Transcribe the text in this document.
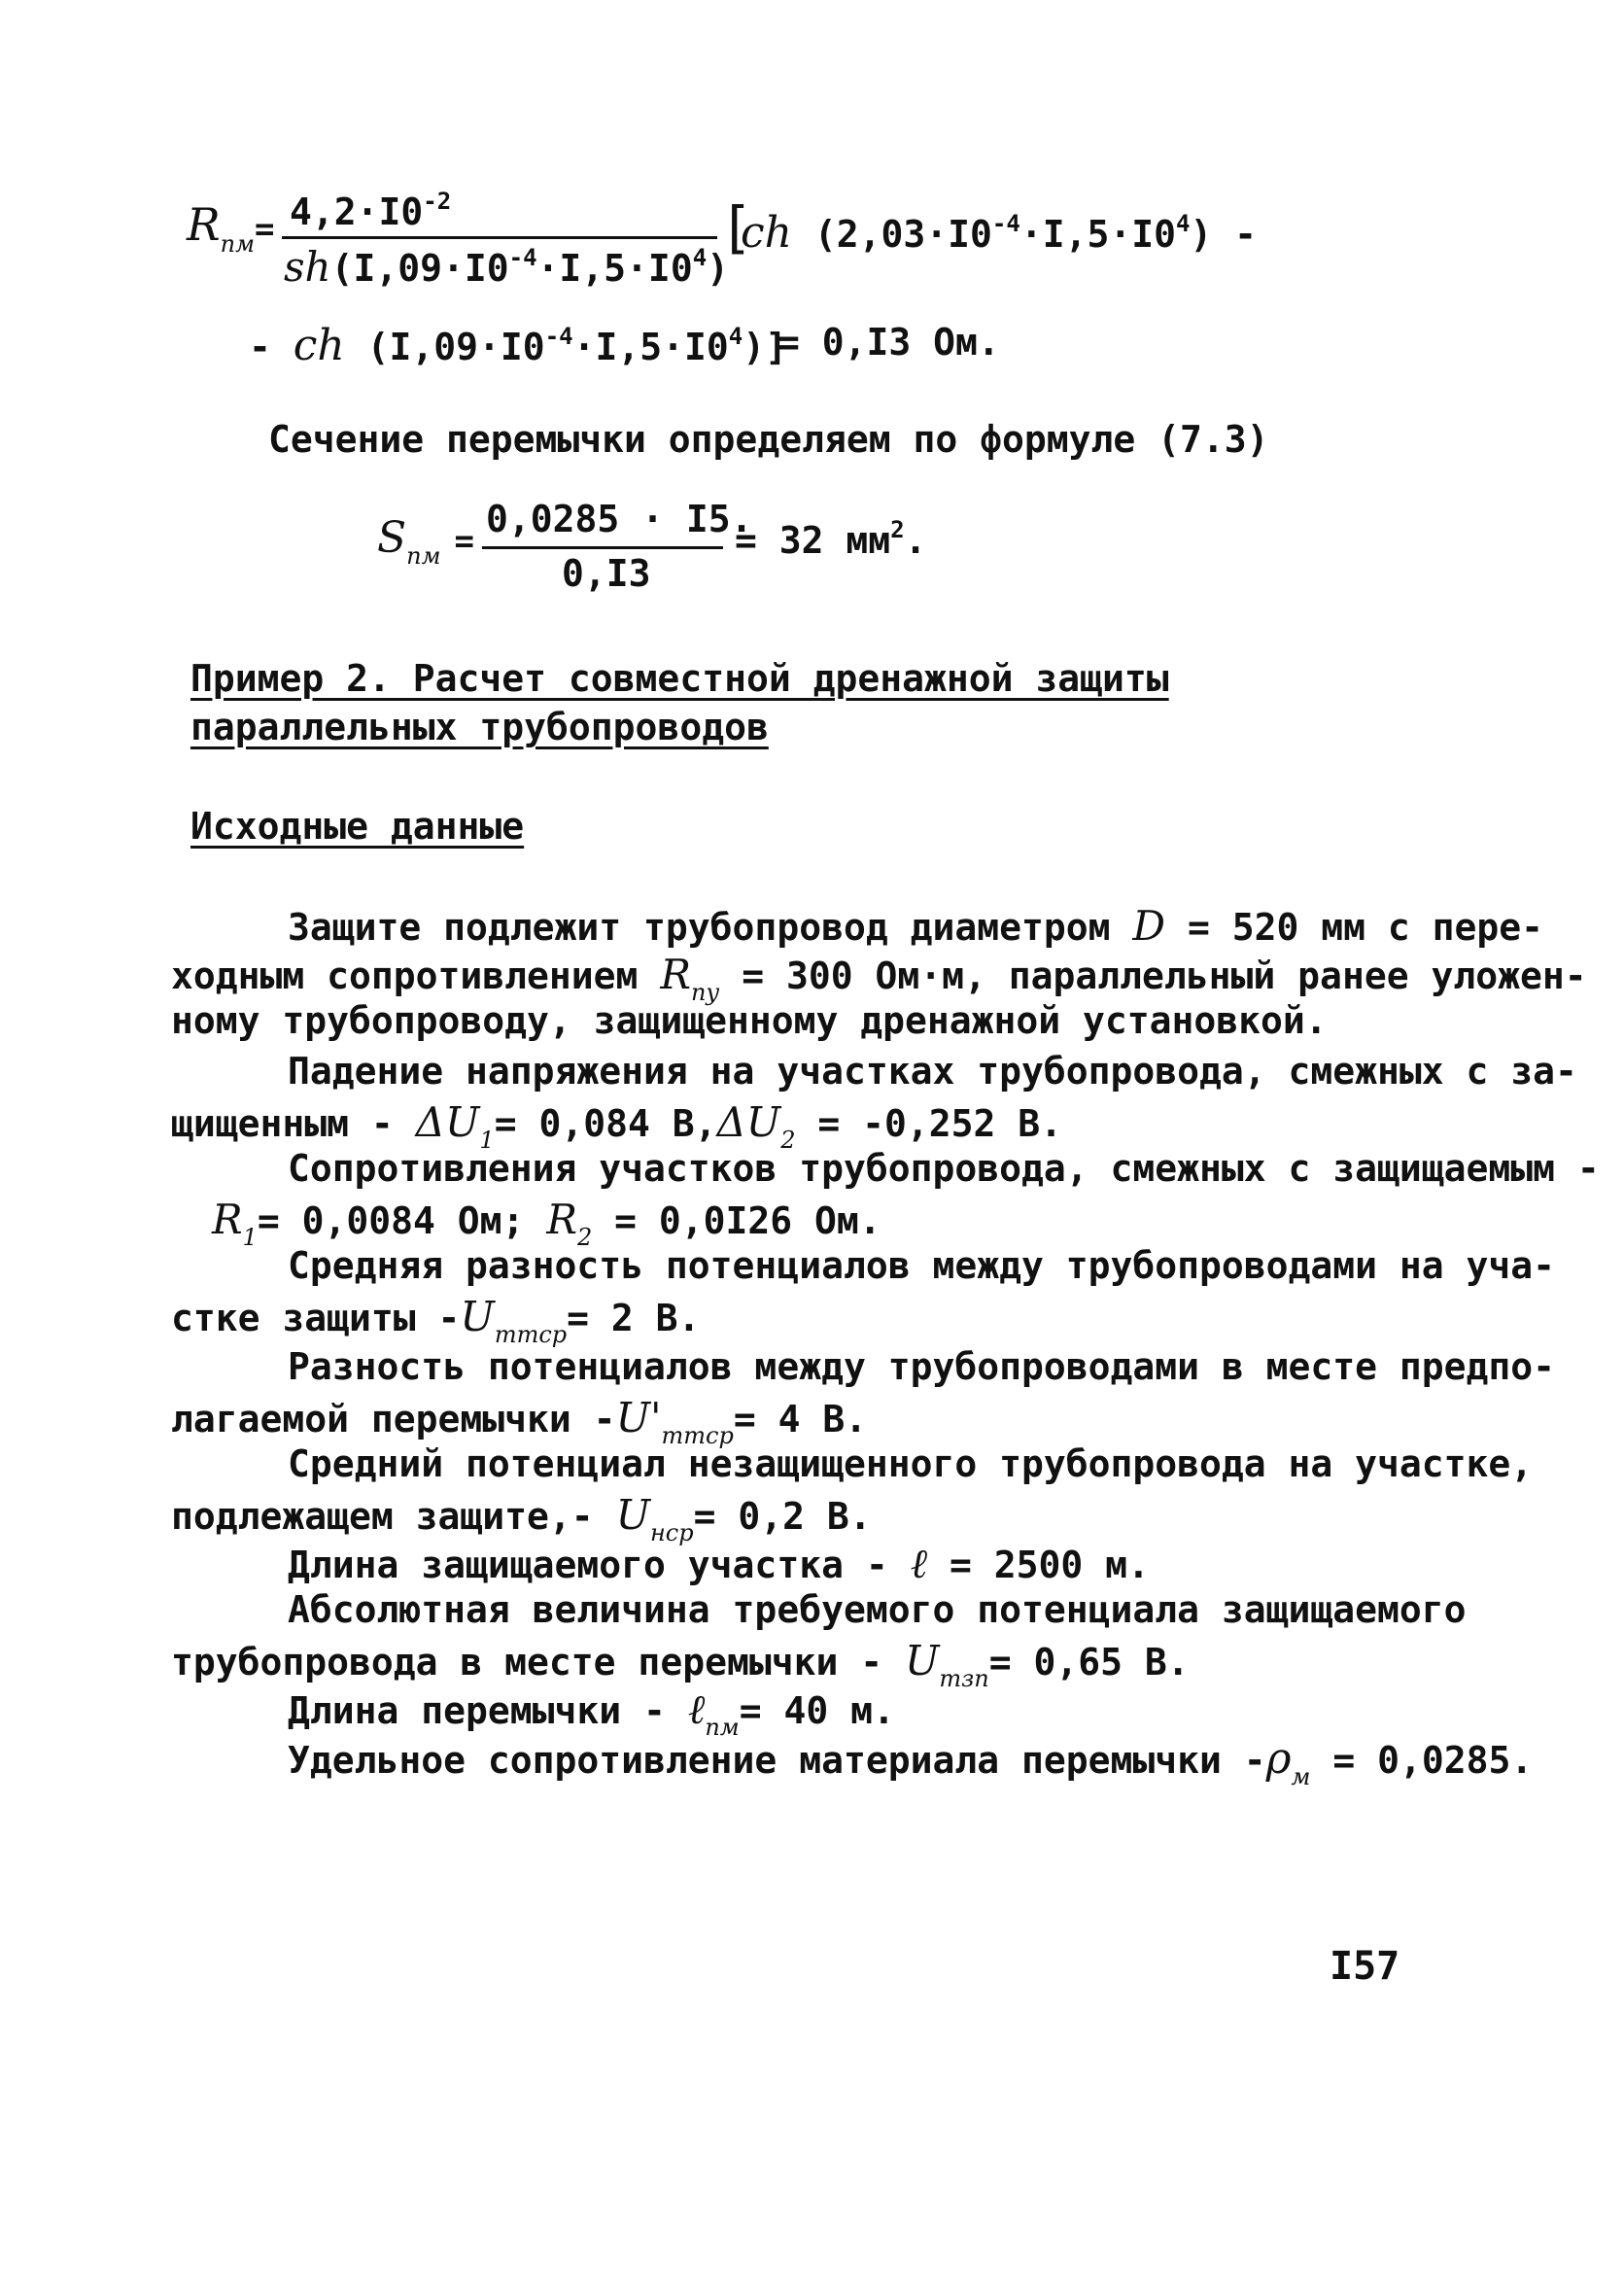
$R_{пм}= 4,2\cdot I0^{-2}$
$sh(I,09\cdot I0^{-4}\cdot I,5\cdot I0^4)$
[
ch $(2,03\cdot I0^{-4}\cdot I,5\cdot I0^4)$ -
- ch $(I,09\cdot I0^{-4}\cdot I,5\cdot I0^4)$]
= 0,I3 Ом.
Сечение перемычки определяем по формуле (7.3)
$S_{пм}$ =
0,0285 · I5.
0,I3
= 32 $мм^2$.
Пример 2. Расчет совместной дренажной защиты
параллельных трубопроводов
Исходные данные
Защите подлежит трубопровод диаметром D = 520 мм с пере-
ходным сопротивлением $R_{пу} = 300$ Ом·м, параллельный ранее уложен-
ному трубопроводу, защищенному дренажной установкой.
Падение напряжения на участках трубопровода, смежных с за-
щищенным - $\Delta U_1= 0,084$ $В,\Delta U_2 = -0,252$ В.
Сопротивления участков трубопровода, смежных с защищаемым -
$R_1= 0,0084$ Ом; $R_2 = 0,0I26$ Ом.
Средняя разность потенциалов между трубопроводами на уча-
стке защиты $-U_{ттср}= 2$ В.
Разность потенциалов между трубопроводами в месте предпо-
лагаемой перемычки $-U'_{ттср}= 4$ В.
Средний потенциал незащищенного трубопровода на участке,
подлежащем защите,- $U_{нср}= 0,2$ В.
Длина защищаемого участка - ℓ = 2500 м.
Абсолютная величина требуемого потенциала защищаемого
трубопровода в месте перемычки - $U_{тзп}= 0,65$ В.
Длина перемычки - ℓ$_{пм}$= 40 м.
Удельное сопротивление материала перемычки $-\rho_м = 0,0285$.
I57
